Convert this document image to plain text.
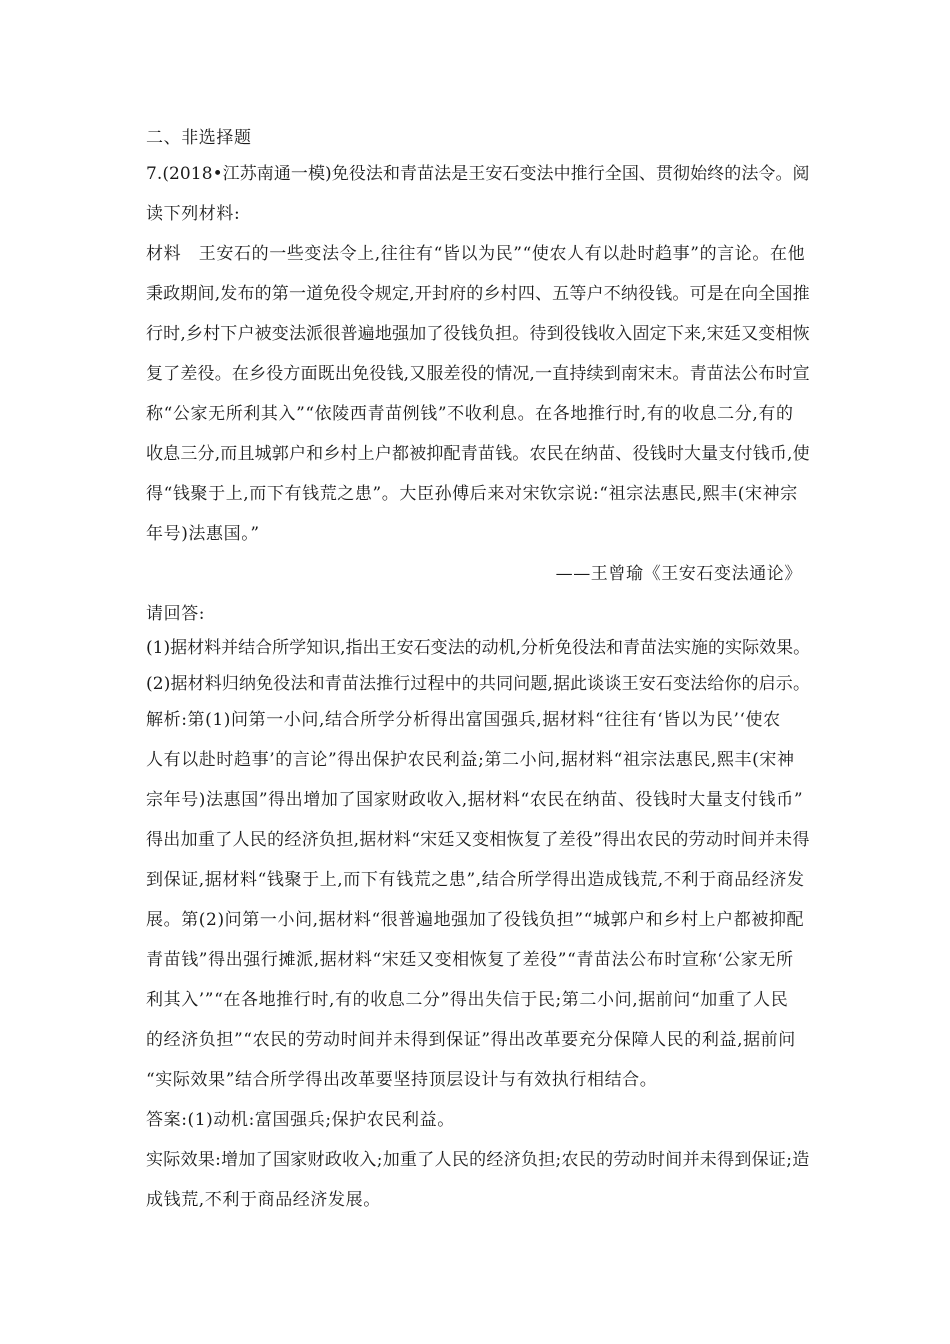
二、非选择题
7.(2018•江苏南通一模)免役法和青苗法是王安石变法中推行全国、贯彻始终的法令。阅
读下列材料:
材料　王安石的一些变法令上,往往有“皆以为民”“使农人有以赴时趋事”的言论。在他
秉政期间,发布的第一道免役令规定,开封府的乡村四、五等户不纳役钱。可是在向全国推
行时,乡村下户被变法派很普遍地强加了役钱负担。待到役钱收入固定下来,宋廷又变相恢
复了差役。在乡役方面既出免役钱,又服差役的情况,一直持续到南宋末。青苗法公布时宣
称“公家无所利其入”“依陵西青苗例钱”不收利息。在各地推行时,有的收息二分,有的
收息三分,而且城郭户和乡村上户都被抑配青苗钱。农民在纳苗、役钱时大量支付钱币,使
得“钱聚于上,而下有钱荒之患”。大臣孙傅后来对宋钦宗说:“祖宗法惠民,熙丰(宋神宗
年号)法惠国。”
——王曾瑜《王安石变法通论》
请回答:
(1)据材料并结合所学知识,指出王安石变法的动机,分析免役法和青苗法实施的实际效果。
(2)据材料归纳免役法和青苗法推行过程中的共同问题,据此谈谈王安石变法给你的启示。
解析:第(1)问第一小问,结合所学分析得出富国强兵,据材料“往往有‘皆以为民’‘使农
人有以赴时趋事’的言论”得出保护农民利益;第二小问,据材料“祖宗法惠民,熙丰(宋神
宗年号)法惠国”得出增加了国家财政收入,据材料“农民在纳苗、役钱时大量支付钱币”
得出加重了人民的经济负担,据材料“宋廷又变相恢复了差役”得出农民的劳动时间并未得
到保证,据材料“钱聚于上,而下有钱荒之患”,结合所学得出造成钱荒,不利于商品经济发
展。第(2)问第一小问,据材料“很普遍地强加了役钱负担”“城郭户和乡村上户都被抑配
青苗钱”得出强行摊派,据材料“宋廷又变相恢复了差役”“青苗法公布时宣称‘公家无所
利其入’”“在各地推行时,有的收息二分”得出失信于民;第二小问,据前问“加重了人民
的经济负担”“农民的劳动时间并未得到保证”得出改革要充分保障人民的利益,据前问
“实际效果”结合所学得出改革要坚持顶层设计与有效执行相结合。
答案:(1)动机:富国强兵;保护农民利益。
实际效果:增加了国家财政收入;加重了人民的经济负担;农民的劳动时间并未得到保证;造
成钱荒,不利于商品经济发展。
